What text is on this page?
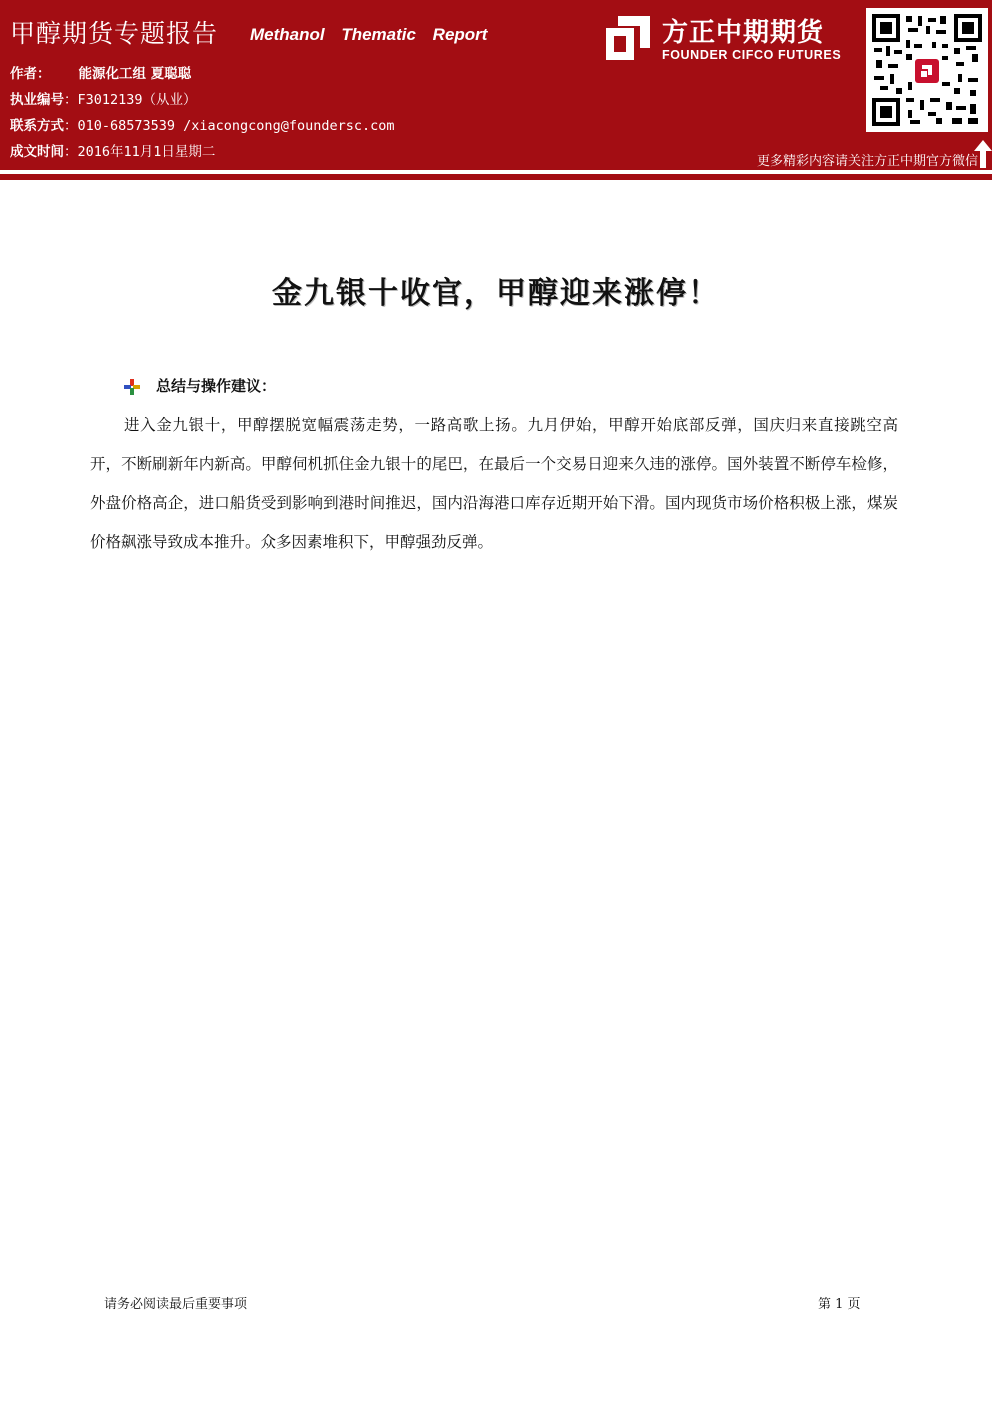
甲醇期货专题报告 Methanol Thematic Report
作者： 能源化工组 夏聪聪
执业编号：F3012139（从业）
联系方式：010-68573539 /xiacongcong@foundersc.com
成文时间：2016年11月1日星期二
方正中期期货
FOUNDER CIFCO FUTURES
更多精彩内容请关注方正中期官方微信
金九银十收官，甲醇迎来涨停！
总结与操作建议：

进入金九银十，甲醇摆脱宽幅震荡走势，一路高歌上扬。九月伊始，甲醇开始底部反弹，国庆归来直接跳空高开，不断刷新年内新高。甲醇伺机抓住金九银十的尾巴，在最后一个交易日迎来久违的涨停。国外装置不断停车检修，外盘价格高企，进口船货受到影响到港时间推迟，国内沿海港口库存近期开始下滑。国内现货市场价格积极上涨，煤炭价格飙涨导致成本推升。众多因素堆积下，甲醇强劲反弹。

请务必阅读最后重要事项	第 1 页
